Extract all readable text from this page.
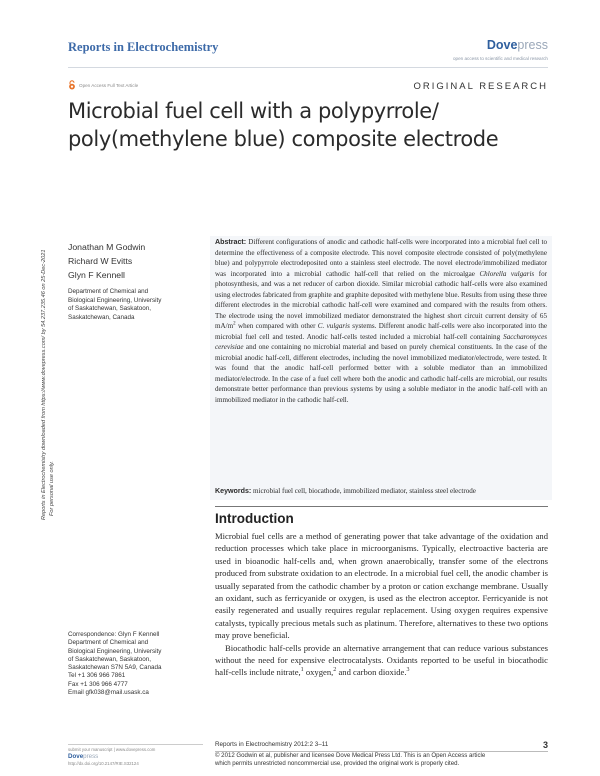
Reports in Electrochemistry	Dovepress
open access to scientific and medical research
Open Access Full Text Article	ORIGINAL RESEARCH
Microbial fuel cell with a polypyrrole/
poly(methylene blue) composite electrode
Reports in Electrochemistry downloaded from https://www.dovepress.com/ by 54.237.235.46 on 25-Dec-2021 For personal use only.
Jonathan M Godwin
Richard W Evitts
Glyn F Kennell
Department of Chemical and
Biological Engineering, University
of Saskatchewan, Saskatoon,
Saskatchewan, Canada
Abstract: Different configurations of anodic and cathodic half-cells were incorporated into a microbial fuel cell to determine the effectiveness of a composite electrode. This novel composite electrode consisted of poly(methylene blue) and polypyrrole electrodeposited onto a stainless steel electrode. The novel electrode/immobilized mediator was incorporated into a microbial cathodic half-cell that relied on the microalgae Chlorella vulgaris for photosynthesis, and was a net reducer of carbon dioxide. Similar microbial cathodic half-cells were also examined using electrodes fabricated from graphite and graphite deposited with methylene blue. Results from using these three different electrodes in the microbial cathodic half-cell were examined and compared with the results from others. The electrode using the novel immobilized mediator demonstrated the highest short circuit current density of 65 $mA/m^2$ when compared with other C. vulgaris systems. Different anodic half-cells were also incorporated into the microbial fuel cell and tested. Anodic half-cells tested included a microbial half-cell containing Saccharomyces cerevisiae and one containing no microbial material and based on purely chemical constituents. In the case of the microbial anodic half-cell, different electrodes, including the novel immobilized mediator/electrode, were tested. It was found that the anodic half-cell performed better with a soluble mediator than an immobilized mediator/electrode. In the case of a fuel cell where both the anodic and cathodic half-cells are microbial, our results demonstrate better performance than previous systems by using a soluble mediator in the anodic half-cell with an immobilized mediator in the cathodic half-cell.
Keywords: microbial fuel cell, biocathode, immobilized mediator, stainless steel electrode
Introduction

Microbial fuel cells are a method of generating power that take advantage of the oxidation and reduction processes which take place in microorganisms. Typically, electroactive bacteria are used in bioanodic half-cells and, when grown anaerobically, transfer some of the electrons produced from substrate oxidation to an electrode. In a microbial fuel cell, the anodic chamber is usually separated from the cathodic chamber by a proton or cation exchange membrane. Usually an oxidant, such as ferricyanide or oxygen, is used as the electron acceptor. Ferricyanide is not easily regenerated and usually requires regular replacement. Using oxygen requires expensive catalysts, typically precious metals such as platinum. Therefore, alternatives to these two options may prove beneficial.

Biocathodic half-cells provide an alternative arrangement that can reduce various substances without the need for expensive electrocatalysts. Oxidants reported to be useful in biocathodic half-cells include nitrate,$^1$ oxygen,$^2$ and carbon dioxide.$^3$

Correspondence: Glyn F Kennell
Department of Chemical and
Biological Engineering, University
of Saskatchewan, Saskatoon,
Saskatchewan S7N 5A9, Canada
Tel +1 306 966 7861
Fax +1 306 966 4777
Email gfk038@mail.usask.ca
submit your manuscript | www.dovepress.com
Dovepress
http://dx.doi.org/10.2147/RIE.S32124
Reports in Electrochemistry 2012:2 3–11	3
© 2012 Godwin et al, publisher and licensee Dove Medical Press Ltd. This is an Open Access article
which permits unrestricted noncommercial use, provided the original work is properly cited.
